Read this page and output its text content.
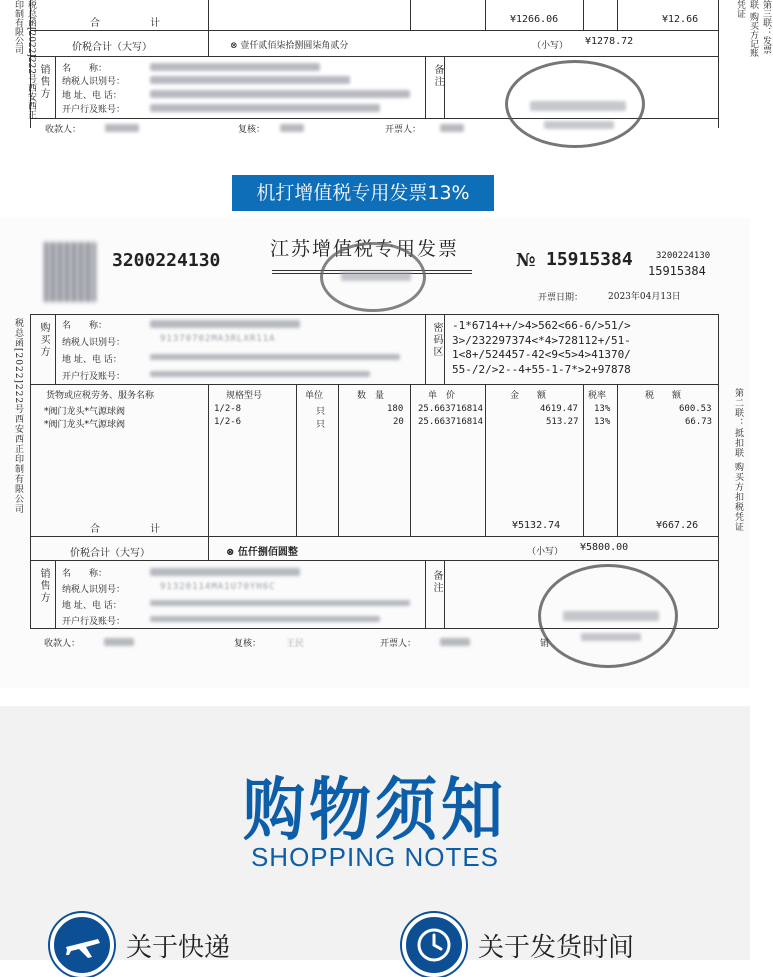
合　　　　　计	¥1266.06	¥12.66
价税合计（大写）	⊗ 壹仟贰佰柒拾捌圆柒角贰分	（小写） ¥1278.72
销售方 名　　称：
纳税人识别号：
地 址、电 话：
开户行及账号：
备注
收款人：	复核：	开票人：
税总函[2022]222号西安西正印制有限公司	第三联：发票联 购买方记账凭证
机打增值税专用发票13%
3200224130
江苏增值税专用发票
№ 15915384	3200224130
15915384
开票日期：	2023年04月13日
购买方 名　　称：
纳税人识别号：
地 址、电 话：
开户行及账号：
91370702MA3RLXR11A	密码区 -1*6714++/>4>562<66-6/>51/>
3>/232297374<*4>728112+/51-
1<8+/524457-42<9<5>4>41370/
55-/2/>2--4+55-1-7*>2+97878
货物或应税劳务、服务名称	规格型号	单位	数　量	单　价	金　　额	税率	税　　额
*阀门龙头*气源球阀	1/2-8	只	180 25.663716814	4619.47 13%	600.53
*阀门龙头*气源球阀	1/2-6	只	20 25.663716814	513.27 13%	66.73
合　　　　　计	¥5132.74	¥667.26
价税合计（大写）	⊗ 伍仟捌佰圆整	（小写） ¥5800.00
销售方 名　　称：
纳税人识别号：
地 址、电 话：
开户行及账号：
91320114MA1U70YH6C	备注
收款人：	复核：	王民	开票人：	销
税总函[2022]222号西安西正印制有限公司	第二联：抵扣联 购买方扣税凭证
购物须知
SHOPPING NOTES
关于快递	关于发货时间
